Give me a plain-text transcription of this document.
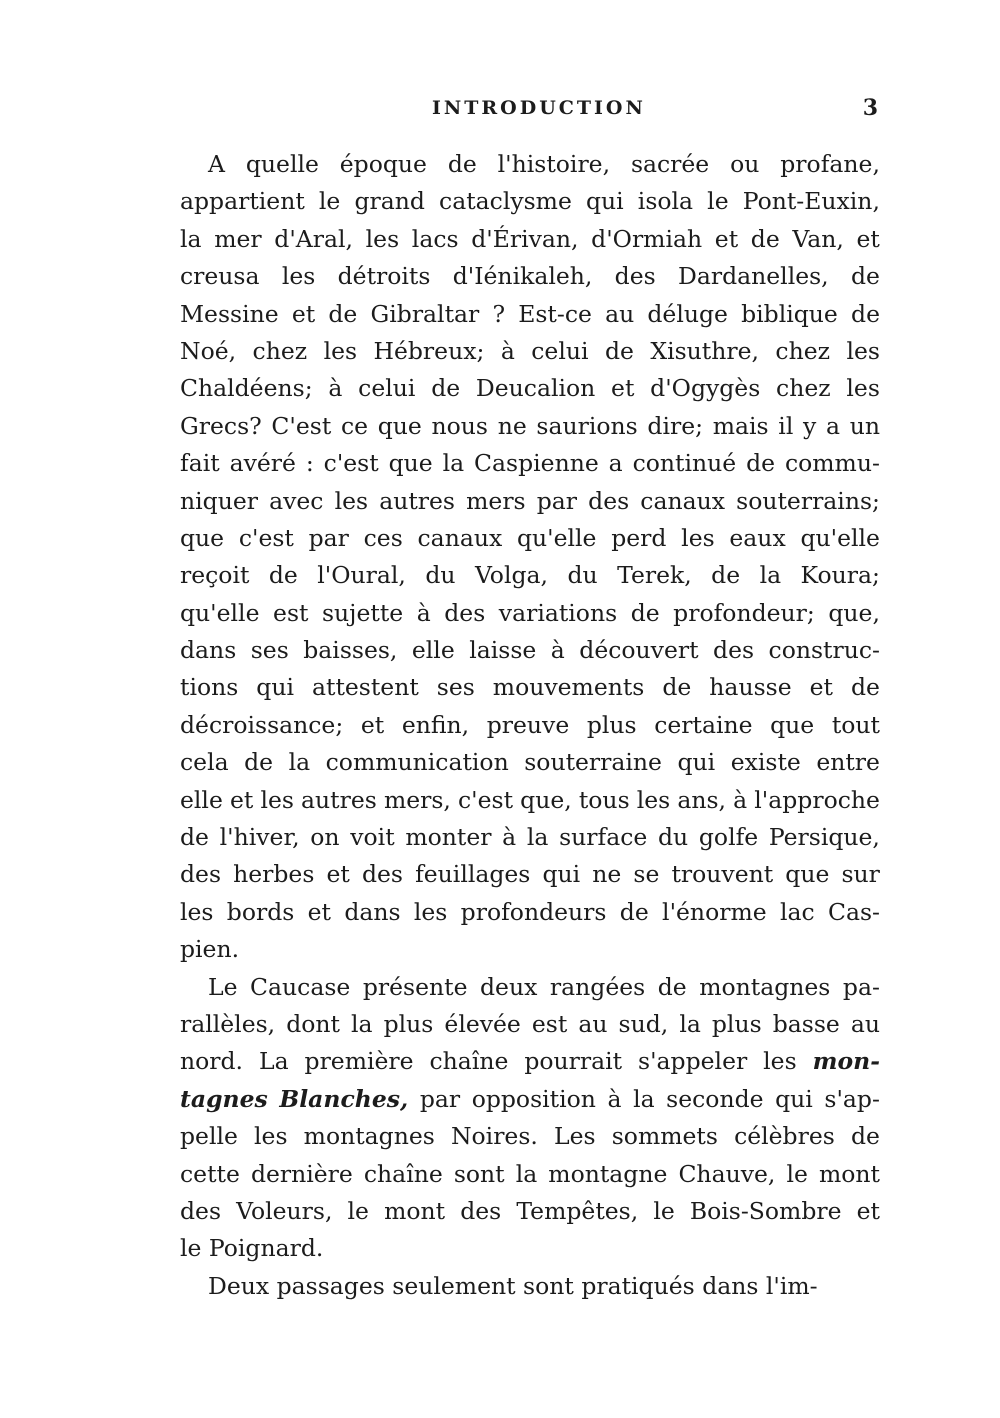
INTRODUCTION	3
A quelle époque de l'histoire, sacrée ou profane,
appartient le grand cataclysme qui isola le Pont-Euxin,
la mer d'Aral, les lacs d'Érivan, d'Ormiah et de Van, et
creusa les détroits d'Iénikaleh, des Dardanelles, de
Messine et de Gibraltar ? Est-ce au déluge biblique de
Noé, chez les Hébreux; à celui de Xisuthre, chez les
Chaldéens; à celui de Deucalion et d'Ogygès chez les
Grecs? C'est ce que nous ne saurions dire; mais il y a un
fait avéré : c'est que la Caspienne a continué de commu-
niquer avec les autres mers par des canaux souterrains;
que c'est par ces canaux qu'elle perd les eaux qu'elle
reçoit de l'Oural, du Volga, du Terek, de la Koura;
qu'elle est sujette à des variations de profondeur; que,
dans ses baisses, elle laisse à découvert des construc-
tions qui attestent ses mouvements de hausse et de
décroissance; et enfin, preuve plus certaine que tout
cela de la communication souterraine qui existe entre
elle et les autres mers, c'est que, tous les ans, à l'approche
de l'hiver, on voit monter à la surface du golfe Persique,
des herbes et des feuillages qui ne se trouvent que sur
les bords et dans les profondeurs de l'énorme lac Cas-
pien.
Le Caucase présente deux rangées de montagnes pa-
rallèles, dont la plus élevée est au sud, la plus basse au
nord. La première chaîne pourrait s'appeler les mon-
tagnes Blanches, par opposition à la seconde qui s'ap-
pelle les montagnes Noires. Les sommets célèbres de
cette dernière chaîne sont la montagne Chauve, le mont
des Voleurs, le mont des Tempêtes, le Bois-Sombre et
le Poignard.
Deux passages seulement sont pratiqués dans l'im-
